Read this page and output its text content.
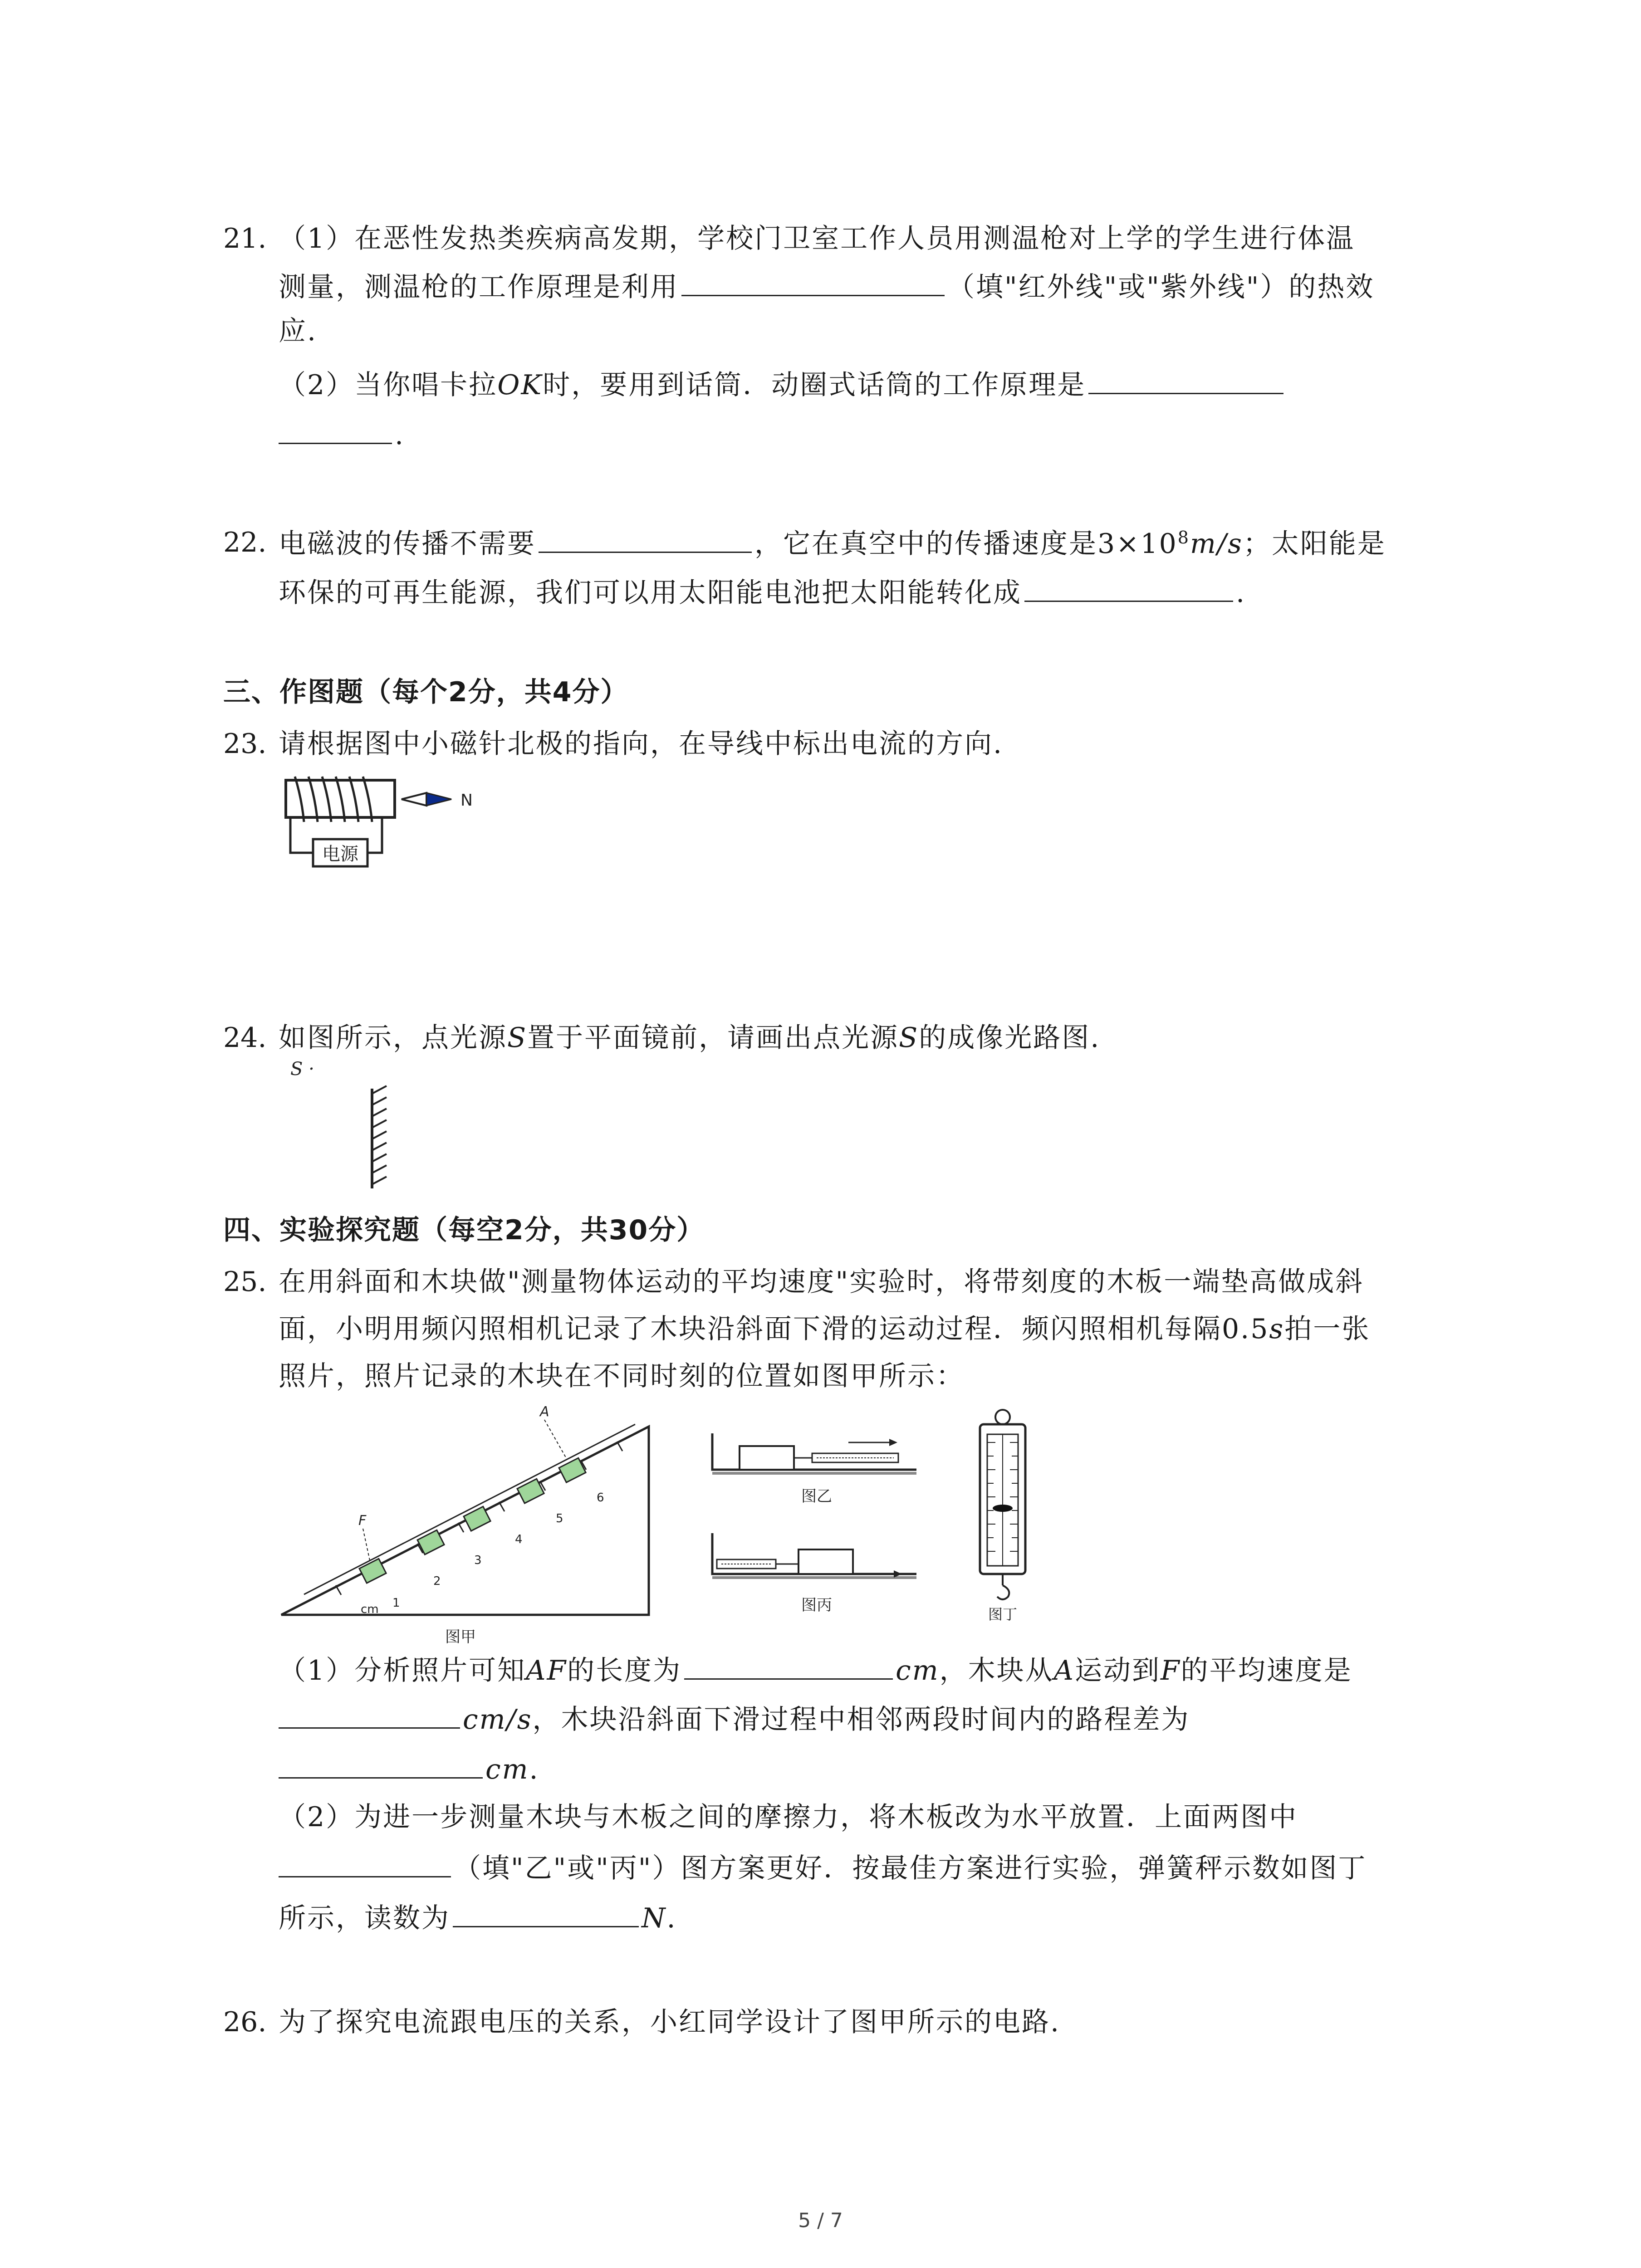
21. （1）在恶性发热类疾病高发期，学校门卫室工作人员用测温枪对上学的学生进行体温
测量，测温枪的工作原理是利用	（填"红外线"或"紫外线"）的热效
应.
（2）当你唱卡拉OK时，要用到话筒．动圈式话筒的工作原理是
.
22. 电磁波的传播不需要	，它在真空中的传播速度是$3\times 10^8m/s$；太阳能是
环保的可再生能源，我们可以用太阳能电池把太阳能转化成	.
三、作图题（每个2分，共4分）
23. 请根据图中小磁针北极的指向，在导线中标出电流的方向.
电源
N
24. 如图所示，点光源S置于平面镜前，请画出点光源S的成像光路图.
S ·
四、实验探究题（每空2分，共30分）
25. 在用斜面和木块做"测量物体运动的平均速度"实验时，将带刻度的木板一端垫高做成斜
面，小明用频闪照相机记录了木块沿斜面下滑的运动过程．频闪照相机每隔0.5s拍一张
照片，照片记录的木块在不同时刻的位置如图甲所示：
F
A
1
2
3
4
5
6
cm
图甲
图乙
图丙	图丁
（1）分析照片可知AF的长度为	cm，木块从A运动到F的平均速度是
cm/s，木块沿斜面下滑过程中相邻两段时间内的路程差为
cm.
（2）为进一步测量木块与木板之间的摩擦力，将木板改为水平放置．上面两图中
（填"乙"或"丙"）图方案更好．按最佳方案进行实验，弹簧秤示数如图丁
所示，读数为	N.
26. 为了探究电流跟电压的关系，小红同学设计了图甲所示的电路.
5 / 7
